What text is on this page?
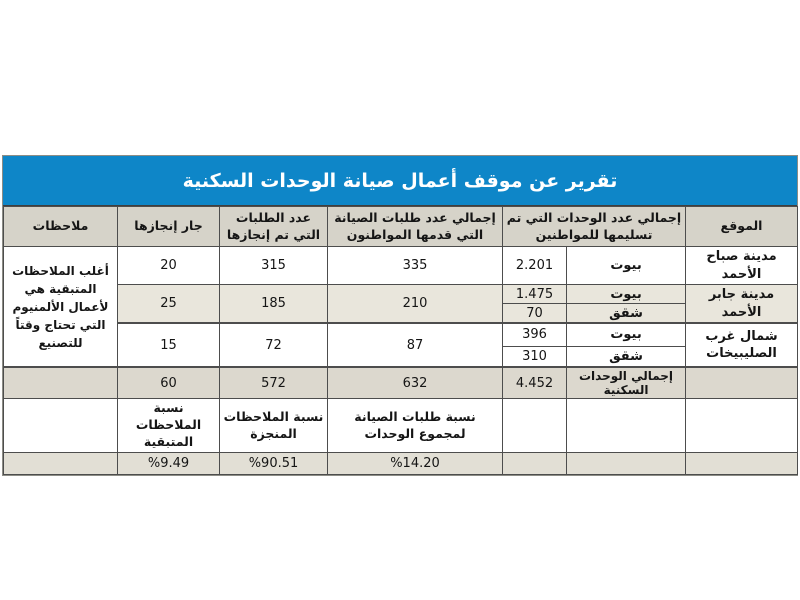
تقرير عن موقف أعمال صيانة الوحدات السكنية
الموقع	إجمالي عدد الوحدات التي تم تسليمها للمواطنين		إجمالي عدد طلبات الصيانة التي قدمها المواطنون	عدد الطلبات التي تم إنجازها	جار إنجازها	ملاحظات
مدينة صباح الأحمد	بيوت	2.201	335	315	20	أغلب الملاحظات المتبقية هي لأعمال الألمنيوم التي تحتاج وقتاً للتصنيع
مدينة جابر الأحمد	بيوت	1.475	210	185	25	
	شقق	70				
شمال غرب الصليبيخات	بيوت	396	87	72	15	
	شقق	310				
	إجمالي الوحدات السكنية	4.452	632	572	60	
			نسبة طلبات الصيانة لمجموع الوحدات	نسبة الملاحظات المنجزة	نسبة الملاحظات المتبقية	
			%14.20	%90.51	%9.49	
